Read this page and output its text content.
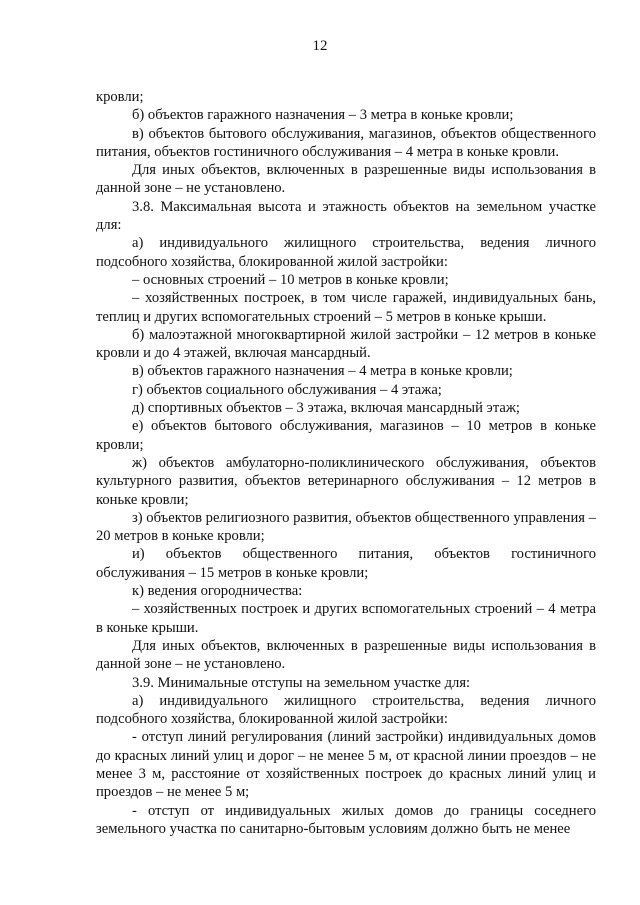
12

кровли;

б) объектов гаражного назначения – 3 метра в коньке кровли;

в) объектов бытового обслуживания, магазинов, объектов общественного питания, объектов гостиничного обслуживания – 4 метра в коньке кровли.

Для иных объектов, включенных в разрешенные виды использования в данной зоне – не установлено.

3.8. Максимальная высота и этажность объектов на земельном участке для:

а) индивидуального жилищного строительства, ведения личного подсобного хозяйства, блокированной жилой застройки:

– основных строений – 10 метров в коньке кровли;

– хозяйственных построек, в том числе гаражей, индивидуальных бань, теплиц и других вспомогательных строений – 5 метров в коньке крыши.

б) малоэтажной многоквартирной жилой застройки – 12 метров в коньке кровли и до 4 этажей, включая мансардный.

в) объектов гаражного назначения – 4 метра в коньке кровли;

г) объектов социального обслуживания – 4 этажа;

д) спортивных объектов – 3 этажа, включая мансардный этаж;

е) объектов бытового обслуживания, магазинов – 10 метров в коньке кровли;

ж) объектов амбулаторно-поликлинического обслуживания, объектов культурного развития, объектов ветеринарного обслуживания – 12 метров в коньке кровли;

з) объектов религиозного развития, объектов общественного управления – 20 метров в коньке кровли;

и) объектов общественного питания, объектов гостиничного обслуживания – 15 метров в коньке кровли;

к) ведения огородничества:

– хозяйственных построек и других вспомогательных строений – 4 метра в коньке крыши.

Для иных объектов, включенных в разрешенные виды использования в данной зоне – не установлено.

3.9. Минимальные отступы на земельном участке для:

а) индивидуального жилищного строительства, ведения личного подсобного хозяйства, блокированной жилой застройки:

- отступ линий регулирования (линий застройки) индивидуальных домов до красных линий улиц и дорог – не менее 5 м, от красной линии проездов – не менее 3 м, расстояние от хозяйственных построек до красных линий улиц и проездов – не менее 5 м;

- отступ от индивидуальных жилых домов до границы соседнего земельного участка по санитарно-бытовым условиям должно быть не менее
